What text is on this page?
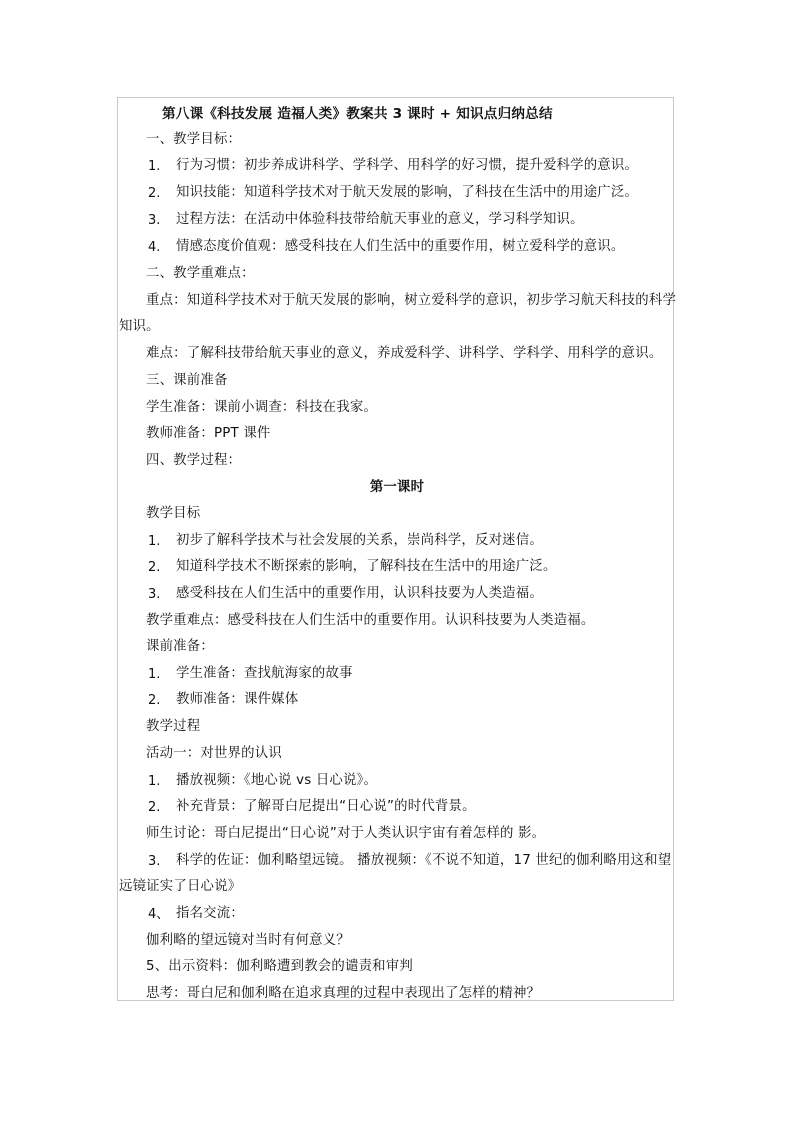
第八课《科技发展 造福人类》教案共 3 课时 + 知识点归纳总结
一、教学目标：
1. 行为习惯：初步养成讲科学、学科学、用科学的好习惯，提升爱科学的意识。
2. 知识技能：知道科学技术对于航天发展的影响，了科技在生活中的用途广泛。
3. 过程方法：在活动中体验科技带给航天事业的意义，学习科学知识。
4. 情感态度价值观：感受科技在人们生活中的重要作用，树立爱科学的意识。
二、教学重难点：
重点：知道科学技术对于航天发展的影响，树立爱科学的意识，初步学习航天科技的科学
知识。
难点：了解科技带给航天事业的意义，养成爱科学、讲科学、学科学、用科学的意识。
三、课前准备
学生准备：课前小调查：科技在我家。
教师准备：PPT 课件
四、教学过程：
第一课时
教学目标
1. 初步了解科学技术与社会发展的关系，崇尚科学，反对迷信。
2. 知道科学技术不断探索的影响，了解科技在生活中的用途广泛。
3. 感受科技在人们生活中的重要作用，认识科技要为人类造福。
教学重难点：感受科技在人们生活中的重要作用。认识科技要为人类造福。
课前准备：
1. 学生准备：查找航海家的故事
2. 教师准备：课件媒体
教学过程
活动一：对世界的认识
1. 播放视频：《地心说 vs 日心说》。
2. 补充背景：了解哥白尼提出“日心说”的时代背景。
师生讨论：哥白尼提出“日心说”对于人类认识宇宙有着怎样的 影。
3. 科学的佐证：伽利略望远镜。 播放视频：《不说不知道，17 世纪的伽利略用这和望
远镜证实了日心说》
4、 指名交流：
伽利略的望远镜对当时有何意义？
5、出示资料：伽利略遭到教会的谴责和审判
思考：哥白尼和伽利略在追求真理的过程中表现出了怎样的精神？
